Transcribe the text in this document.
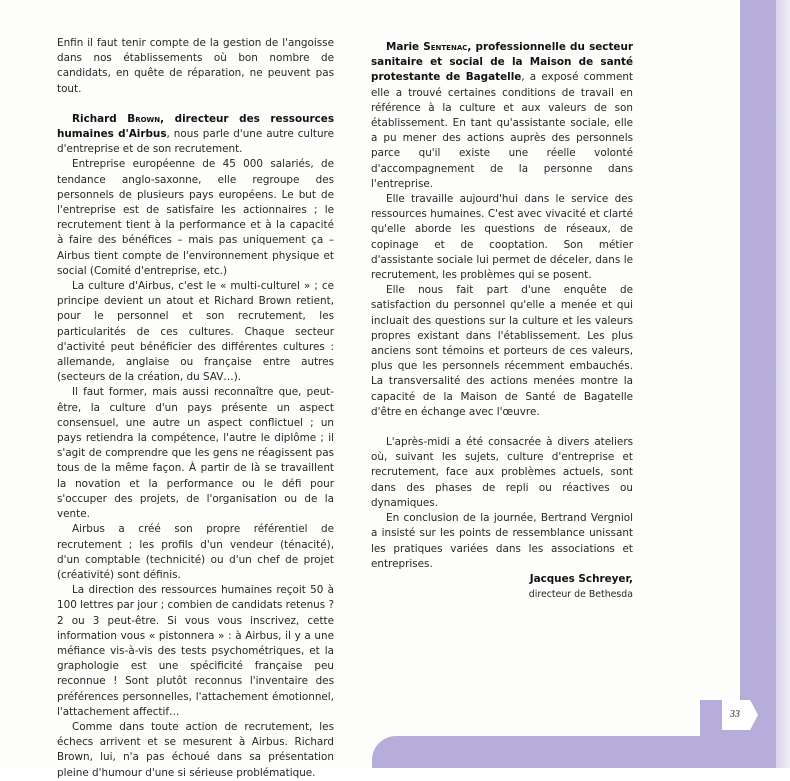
33

Enfin il faut tenir compte de la gestion de l'angoisse dans nos établissements où bon nombre de candidats, en quête de réparation, ne peuvent pas tout.

Richard Brown, directeur des ressources humaines d'Airbus, nous parle d'une autre culture d'entreprise et de son recrutement.

Entreprise européenne de 45 000 salariés, de tendance anglo-saxonne, elle regroupe des personnels de plusieurs pays européens. Le but de l'entreprise est de satisfaire les actionnaires ; le recrutement tient à la performance et à la capacité à faire des bénéfices – mais pas uniquement ça – Airbus tient compte de l'environnement physique et social (Comité d'entreprise, etc.)

La culture d'Airbus, c'est le « multi-culturel » ; ce principe devient un atout et Richard Brown retient, pour le personnel et son recrutement, les particularités de ces cultures. Chaque secteur d'activité peut bénéficier des différentes cultures : allemande, anglaise ou française entre autres (secteurs de la création, du SAV…).

Il faut former, mais aussi reconnaître que, peut-être, la culture d'un pays présente un aspect consensuel, une autre un aspect conflictuel ; un pays retiendra la compétence, l'autre le diplôme ; il s'agit de comprendre que les gens ne réagissent pas tous de la même façon. À partir de là se travaillent la novation et la performance ou le défi pour s'occuper des projets, de l'organisation ou de la vente.

Airbus a créé son propre référentiel de recrutement ; les profils d'un vendeur (ténacité), d'un comptable (technicité) ou d'un chef de projet (créativité) sont définis.

La direction des ressources humaines reçoit 50 à 100 lettres par jour ; combien de candidats retenus ? 2 ou 3 peut-être. Si vous vous inscrivez, cette information vous « pistonnera » : à Airbus, il y a une méfiance vis-à-vis des tests psychométriques, et la graphologie est une spécificité française peu reconnue ! Sont plutôt reconnus l'inventaire des préférences personnelles, l'attachement émotionnel, l'attachement affectif…

Comme dans toute action de recrutement, les échecs arrivent et se mesurent à Airbus. Richard Brown, lui, n'a pas échoué dans sa présentation pleine d'humour d'une si sérieuse problématique.

Marie Sentenac, professionnelle du secteur sanitaire et social de la Maison de santé protestante de Bagatelle, a exposé comment elle a trouvé certaines conditions de travail en référence à la culture et aux valeurs de son établissement. En tant qu'assistante sociale, elle a pu mener des actions auprès des personnels parce qu'il existe une réelle volonté d'accompagnement de la personne dans l'entreprise.

Elle travaille aujourd'hui dans le service des ressources humaines. C'est avec vivacité et clarté qu'elle aborde les questions de réseaux, de copinage et de cooptation. Son métier d'assistante sociale lui permet de déceler, dans le recrutement, les problèmes qui se posent.

Elle nous fait part d'une enquête de satisfaction du personnel qu'elle a menée et qui incluait des questions sur la culture et les valeurs propres existant dans l'établissement. Les plus anciens sont témoins et porteurs de ces valeurs, plus que les personnels récemment embauchés. La transversalité des actions menées montre la capacité de la Maison de Santé de Bagatelle d'être en échange avec l'œuvre.

L'après-midi a été consacrée à divers ateliers où, suivant les sujets, culture d'entreprise et recrutement, face aux problèmes actuels, sont dans des phases de repli ou réactives ou dynamiques.

En conclusion de la journée, Bertrand Vergniol a insisté sur les points de ressemblance unissant les pratiques variées dans les associations et entreprises.

Jacques Schreyer,

directeur de Bethesda
